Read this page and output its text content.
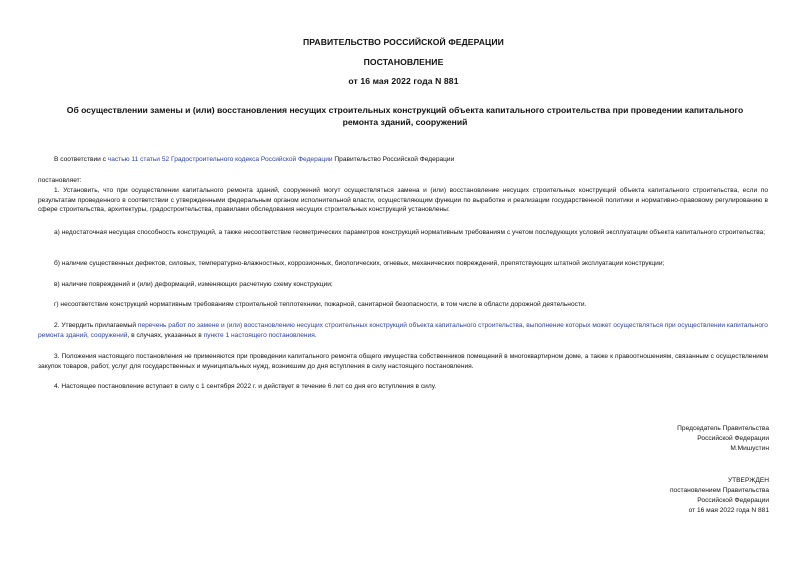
ПРАВИТЕЛЬСТВО РОССИЙСКОЙ ФЕДЕРАЦИИ
ПОСТАНОВЛЕНИЕ
от 16 мая 2022 года N 881
Об осуществлении замены и (или) восстановления несущих строительных конструкций объекта капитального строительства при проведении капитального ремонта зданий, сооружений
В соответствии с частью 11 статьи 52 Градостроительного кодекса Российской Федерации Правительство Российской Федерации
постановляет:
1. Установить, что при осуществлении капитального ремонта зданий, сооружений могут осуществляться замена и (или) восстановление несущих строительных конструкций объекта капитального строительства, если по результатам проведенного в соответствии с утвержденными федеральным органом исполнительной власти, осуществляющим функции по выработке и реализации государственной политики и нормативно-правовому регулированию в сфере строительства, архитектуры, градостроительства, правилами обследования несущих строительных конструкций установлены:
а) недостаточная несущая способность конструкций, а также несоответствие геометрических параметров конструкций нормативным требованиям с учетом последующих условий эксплуатации объекта капитального строительства;
б) наличие существенных дефектов, силовых, температурно-влажностных, коррозионных, биологических, огневых, механических повреждений, препятствующих штатной эксплуатации конструкции;
в) наличие повреждений и (или) деформаций, изменяющих расчетную схему конструкции;
г) несоответствие конструкций нормативным требованиям строительной теплотехники, пожарной, санитарной безопасности, в том числе в области дорожной деятельности.
2. Утвердить прилагаемый перечень работ по замене и (или) восстановлению несущих строительных конструкций объекта капитального строительства, выполнение которых может осуществляться при осуществлении капитального ремонта зданий, сооружений, в случаях, указанных в пункте 1 настоящего постановления.
3. Положения настоящего постановления не применяются при проведении капитального ремонта общего имущества собственников помещений в многоквартирном доме, а также к правоотношениям, связанным с осуществлением закупок товаров, работ, услуг для государственных и муниципальных нужд, возникшим до дня вступления в силу настоящего постановления.
4. Настоящее постановление вступает в силу с 1 сентября 2022 г. и действует в течение 6 лет со дня его вступления в силу.
Председатель Правительства
Российской Федерации
М.Мишустин
УТВЕРЖДЕН
постановлением Правительства
Российской Федерации
от 16 мая 2022 года N 881
